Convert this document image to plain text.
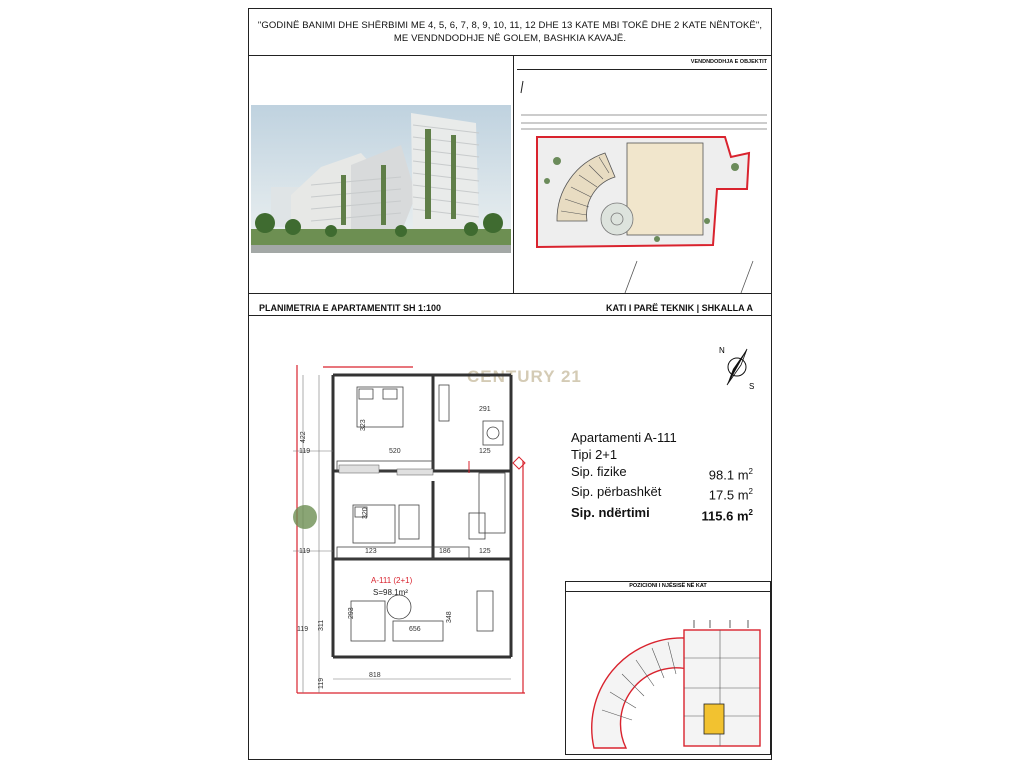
"GODINË BANIMI DHE SHËRBIMI ME 4, 5, 6, 7, 8, 9, 10, 11, 12 DHE 13 KATE MBI TOKË DHE 2 KATE NËNTOKË",
ME VENDNDODHJE NË GOLEM, BASHKIA KAVAJË.
VENDNDODHJA E OBJEKTIT
PLANIMETRIA E APARTAMENTIT SH 1:100	KATI I PARË TEKNIK | SHKALLA A
N
S
CENTURY 21
422
323
119	520
291
125
320
119	123	186	125
293
656
348
311
119
818
119
A-111 (2+1)
S=98.1m²
Apartamenti A-111
Tipi 2+1
Sip. fizike	98.1 $m^2$
Sip. përbashkët	17.5 $m^2$
Sip. ndërtimi	115.6 $m^2$
POZICIONI I NJËSISË NË KAT
